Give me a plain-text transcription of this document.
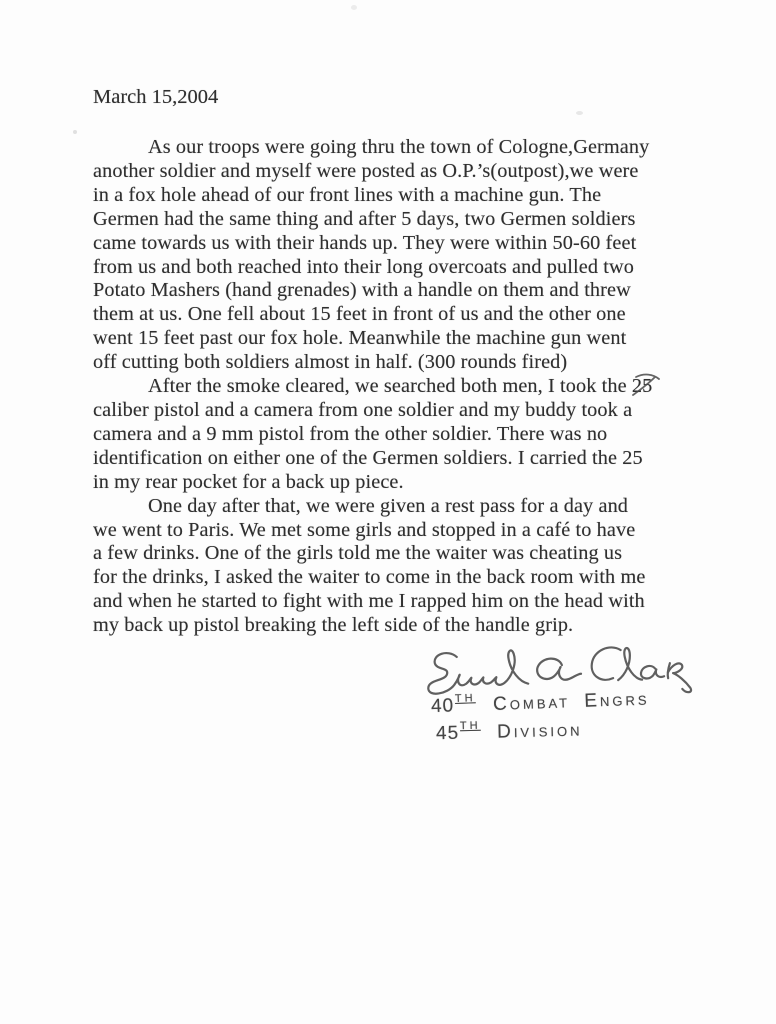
March 15,2004
As our troops were going thru the town of Cologne,Germany
another soldier and myself were posted as O.P.’s(outpost),we were
in a fox hole ahead of our front lines with a machine gun. The
Germen had the same thing and after 5 days, two Germen soldiers
came towards us with their hands up. They were within 50-60 feet
from us and both reached into their long overcoats and pulled two
Potato Mashers (hand grenades) with a handle on them and threw
them at us. One fell about 15 feet in front of us and the other one
went 15 feet past our fox hole. Meanwhile the machine gun went
off cutting both soldiers almost in half. (300 rounds fired)
After the smoke cleared, we searched both men, I took the 25
caliber pistol and a camera from one soldier and my buddy took a
camera and a 9 mm pistol from the other soldier. There was no
identification on either one of the Germen soldiers. I carried the 25
in my rear pocket for a back up piece.
One day after that, we were given a rest pass for a day and
we went to Paris. We met some girls and stopped in a café to have
a few drinks. One of the girls told me the waiter was cheating us
for the drinks, I asked the waiter to come in the back room with me
and when he started to fight with me I rapped him on the head with
my back up pistol breaking the left side of the handle grip.
40TH Combat Engrs
45TH Division
